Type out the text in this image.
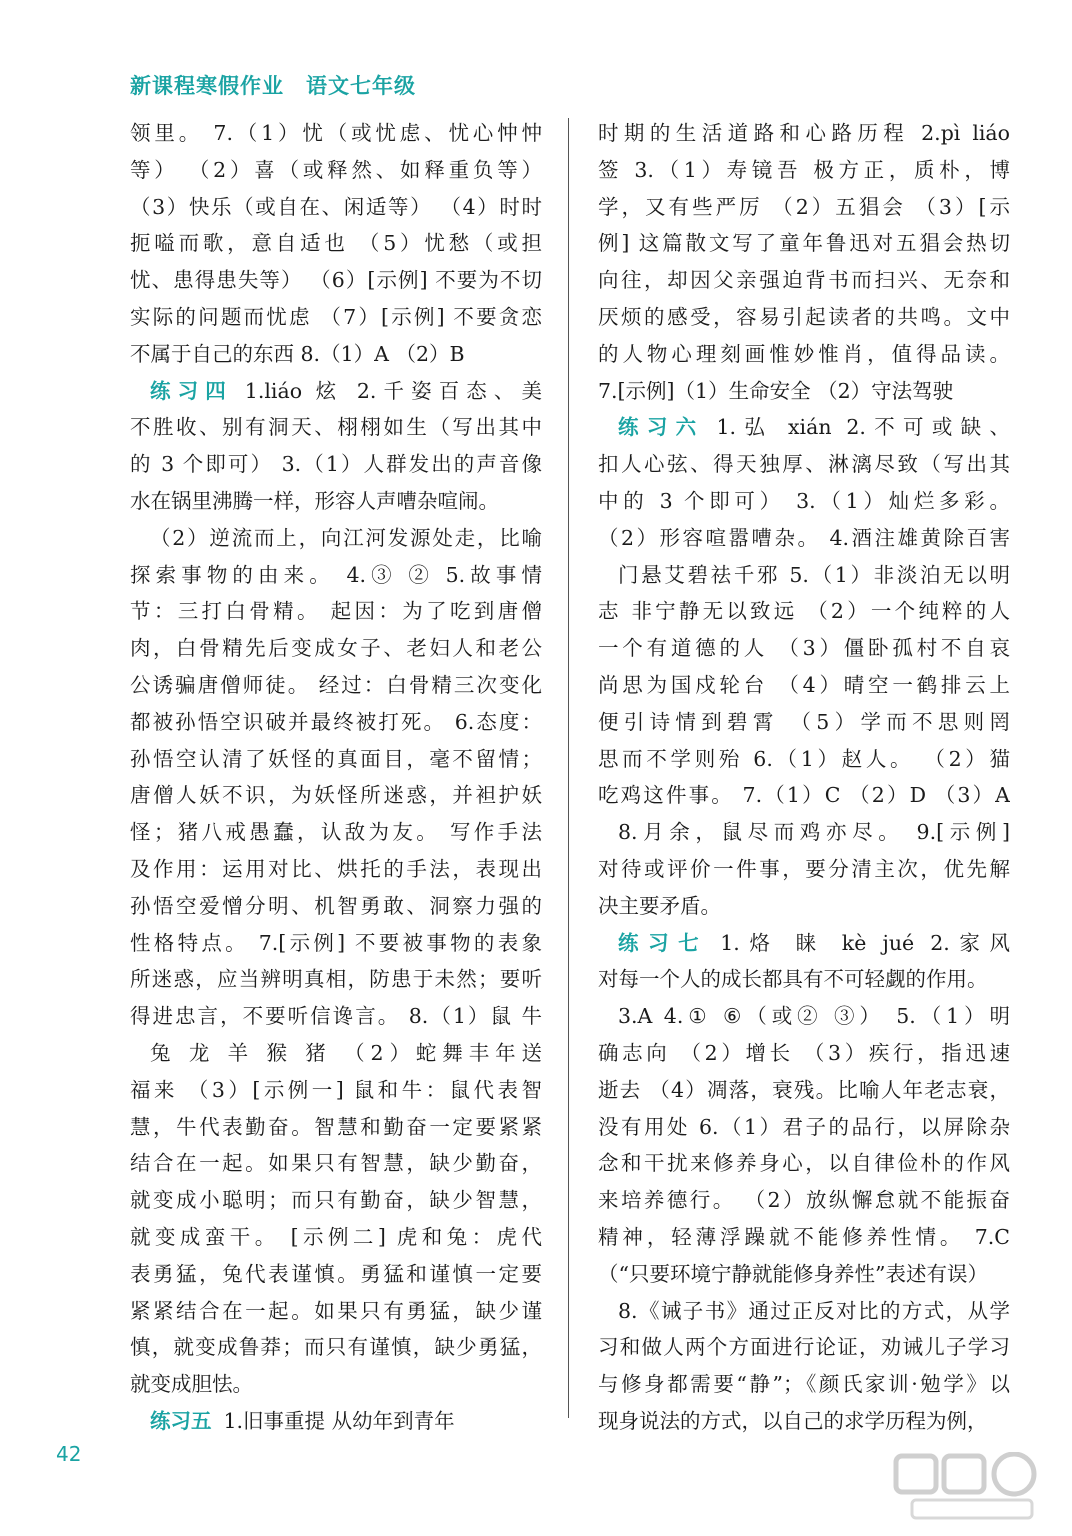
新课程寒假作业 语文七年级
领里。 7.（1）忧（或忧虑、忧心忡忡
等） （2）喜（或释然、如释重负等）
（3）快乐（或自在、闲适等） （4）时时
扼嗌而歌，意自适也 （5）忧愁（或担
忧、患得患失等） （6）[示例] 不要为不切
实际的问题而忧虑 （7）[示例] 不要贪恋
不属于自己的东西 8.（1）A （2）B
练习四 1.liáo 炫 2.千姿百态、美
不胜收、别有洞天、栩栩如生（写出其中
的 3 个即可） 3.（1）人群发出的声音像
水在锅里沸腾一样，形容人声嘈杂喧闹。
（2）逆流而上，向江河发源处走，比喻
探索事物的由来。 4.③ ② 5.故事情
节：三打白骨精。 起因：为了吃到唐僧
肉，白骨精先后变成女子、老妇人和老公
公诱骗唐僧师徒。 经过：白骨精三次变化
都被孙悟空识破并最终被打死。 6.态度：
孙悟空认清了妖怪的真面目，毫不留情；
唐僧人妖不识，为妖怪所迷惑，并袒护妖
怪；猪八戒愚蠢，认敌为友。 写作手法
及作用：运用对比、烘托的手法，表现出
孙悟空爱憎分明、机智勇敢、洞察力强的
性格特点。 7.[示例] 不要被事物的表象
所迷惑，应当辨明真相，防患于未然；要听
得进忠言，不要听信谗言。 8.（1）鼠 牛
兔 龙 羊 猴 猪 （2）蛇舞丰年送
福来 （3）[示例一] 鼠和牛：鼠代表智
慧，牛代表勤奋。智慧和勤奋一定要紧紧
结合在一起。如果只有智慧，缺少勤奋，
就变成小聪明；而只有勤奋，缺少智慧，
就变成蛮干。 [示例二] 虎和兔：虎代
表勇猛，兔代表谨慎。勇猛和谨慎一定要
紧紧结合在一起。如果只有勇猛，缺少谨
慎，就变成鲁莽；而只有谨慎，缺少勇猛，
就变成胆怯。
练习五 1.旧事重提 从幼年到青年
时期的生活道路和心路历程 2.pì liáo
签 3.（1）寿镜吾 极方正，质朴，博
学，又有些严厉 （2）五猖会 （3）[示
例] 这篇散文写了童年鲁迅对五猖会热切
向往，却因父亲强迫背书而扫兴、无奈和
厌烦的感受，容易引起读者的共鸣。文中
的人物心理刻画惟妙惟肖，值得品读。
7.[示例]（1）生命安全 （2）守法驾驶
练习六 1.弘 xián 2.不可或缺、
扣人心弦、得天独厚、淋漓尽致（写出其
中的 3 个即可） 3.（1）灿烂多彩。
（2）形容喧嚣嘈杂。 4.酒注雄黄除百害
门悬艾碧祛千邪 5.（1）非淡泊无以明
志 非宁静无以致远 （2）一个纯粹的人
一个有道德的人 （3）僵卧孤村不自哀
尚思为国戍轮台 （4）晴空一鹤排云上
便引诗情到碧霄 （5）学而不思则罔
思而不学则殆 6.（1）赵人。 （2）猫
吃鸡这件事。 7.（1）C （2）D （3）A
8.月余，鼠尽而鸡亦尽。 9.[示例]
对待或评价一件事，要分清主次，优先解
决主要矛盾。
练习七 1.烙 睐 kè jué 2.家风
对每一个人的成长都具有不可轻觑的作用。
3.A 4.① ⑥（或② ③） 5.（1）明
确志向 （2）增长 （3）疾行，指迅速
逝去 （4）凋落，衰残。比喻人年老志衰，
没有用处 6.（1）君子的品行，以屏除杂
念和干扰来修养身心，以自律俭朴的作风
来培养德行。 （2）放纵懈怠就不能振奋
精神，轻薄浮躁就不能修养性情。 7.C
（“只要环境宁静就能修身养性”表述有误）
8.《诫子书》通过正反对比的方式，从学
习和做人两个方面进行论证，劝诫儿子学习
与修身都需要“静”；《颜氏家训·勉学》以
现身说法的方式，以自己的求学历程为例，
42
